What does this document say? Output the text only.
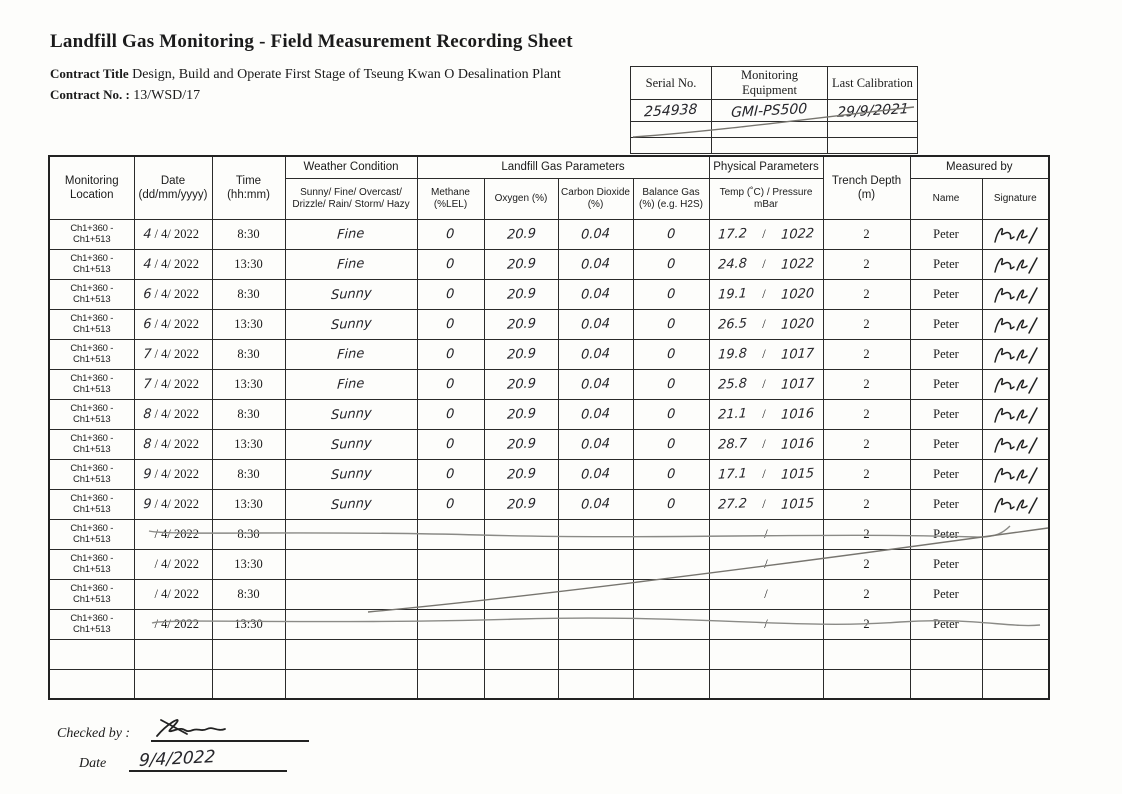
Landfill Gas Monitoring - Field Measurement Recording Sheet
Contract Title Design, Build and Operate First Stage of Tseung Kwan O Desalination Plant
Contract No. : 13/WSD/17
Serial No.	Monitoring Equipment	Last Calibration
254938	GMI-PS500	29/9/2021

Monitoring Location	Date (dd/mm/yyyy)	Time (hh:mm)	Weather Condition	Landfill Gas Parameters				Physical Parameters	Trench Depth (m)	Measured by	
			Sunny/ Fine/ Overcast/ Drizzle/ Rain/ Storm/ Hazy	Methane (%LEL)	Oxygen (%)	Carbon Dioxide (%)	Balance Gas (%) (e.g. H2S)	Temp (˚C) / Pressure mBar		Name	Signature
Ch1+360 - Ch1+513	4 / 4/ 2022	8:30	Fine	0	20.9	0.04	0	17.2 / 1022	2	Peter	

Ch1+360 - Ch1+513	4 / 4/ 2022	13:30	Fine	0	20.9	0.04	0	24.8 / 1022	2	Peter	

Ch1+360 - Ch1+513	6 / 4/ 2022	8:30	Sunny	0	20.9	0.04	0	19.1 / 1020	2	Peter	

Ch1+360 - Ch1+513	6 / 4/ 2022	13:30	Sunny	0	20.9	0.04	0	26.5 / 1020	2	Peter	

Ch1+360 - Ch1+513	7 / 4/ 2022	8:30	Fine	0	20.9	0.04	0	19.8 / 1017	2	Peter	

Ch1+360 - Ch1+513	7 / 4/ 2022	13:30	Fine	0	20.9	0.04	0	25.8 / 1017	2	Peter	

Ch1+360 - Ch1+513	8 / 4/ 2022	8:30	Sunny	0	20.9	0.04	0	21.1 / 1016	2	Peter	

Ch1+360 - Ch1+513	8 / 4/ 2022	13:30	Sunny	0	20.9	0.04	0	28.7 / 1016	2	Peter	

Ch1+360 - Ch1+513	9 / 4/ 2022	8:30	Sunny	0	20.9	0.04	0	17.1 / 1015	2	Peter	

Ch1+360 - Ch1+513	9 / 4/ 2022	13:30	Sunny	0	20.9	0.04	0	27.2 / 1015	2	Peter	

Ch1+360 - Ch1+513	/ 4/ 2022	8:30						/	2	Peter	
Ch1+360 - Ch1+513	/ 4/ 2022	13:30						/	2	Peter	
Ch1+360 - Ch1+513	/ 4/ 2022	8:30						/	2	Peter	
Ch1+360 - Ch1+513	/ 4/ 2022	13:30						/	2	Peter	

Checked by :
Date	9/4/2022
